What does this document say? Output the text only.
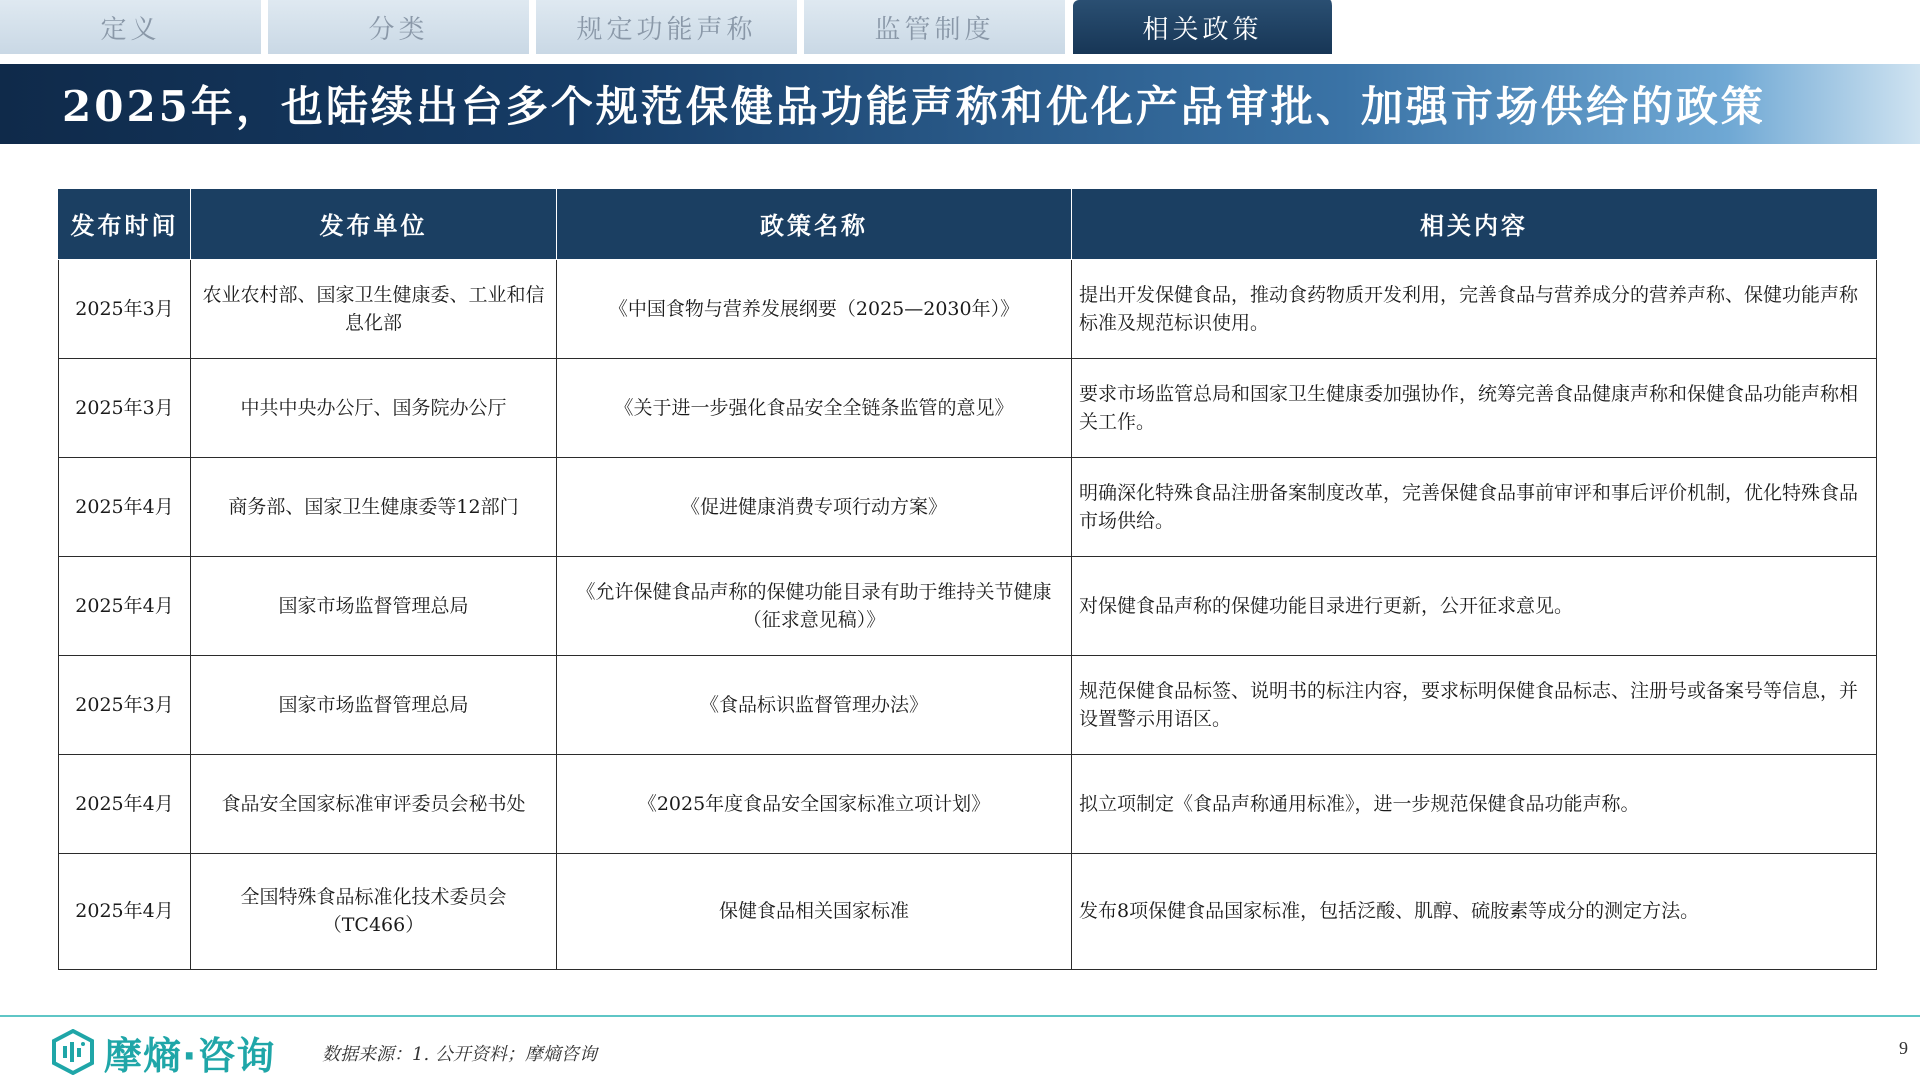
定义	分类	规定功能声称	监管制度	相关政策
2025年，也陆续出台多个规范保健品功能声称和优化产品审批、加强市场供给的政策
发布时间	发布单位	政策名称	相关内容
2025年3月	农业农村部、国家卫生健康委、工业和信息化部	《中国食物与营养发展纲要（2025—2030年）》	提出开发保健食品，推动食药物质开发利用，完善食品与营养成分的营养声称、保健功能声称标准及规范标识使用。
2025年3月	中共中央办公厅、国务院办公厅	《关于进一步强化食品安全全链条监管的意见》	要求市场监管总局和国家卫生健康委加强协作，统筹完善食品健康声称和保健食品功能声称相关工作。
2025年4月	商务部、国家卫生健康委等12部门	《促进健康消费专项行动方案》	明确深化特殊食品注册备案制度改革，完善保健食品事前审评和事后评价机制，优化特殊食品市场供给。
2025年4月	国家市场监督管理总局	《允许保健食品声称的保健功能目录有助于维持关节健康（征求意见稿）》	对保健食品声称的保健功能目录进行更新，公开征求意见。
2025年3月	国家市场监督管理总局	《食品标识监督管理办法》	规范保健食品标签、说明书的标注内容，要求标明保健食品标志、注册号或备案号等信息，并设置警示用语区。
2025年4月	食品安全国家标准审评委员会秘书处	《2025年度食品安全国家标准立项计划》	拟立项制定《食品声称通用标准》，进一步规范保健食品功能声称。
2025年4月	全国特殊食品标准化技术委员会（TC466）	保健食品相关国家标准	发布8项保健食品国家标准，包括泛酸、肌醇、硫胺素等成分的测定方法。
摩熵·咨询	数据来源：1. 公开资料；摩熵咨询	9
